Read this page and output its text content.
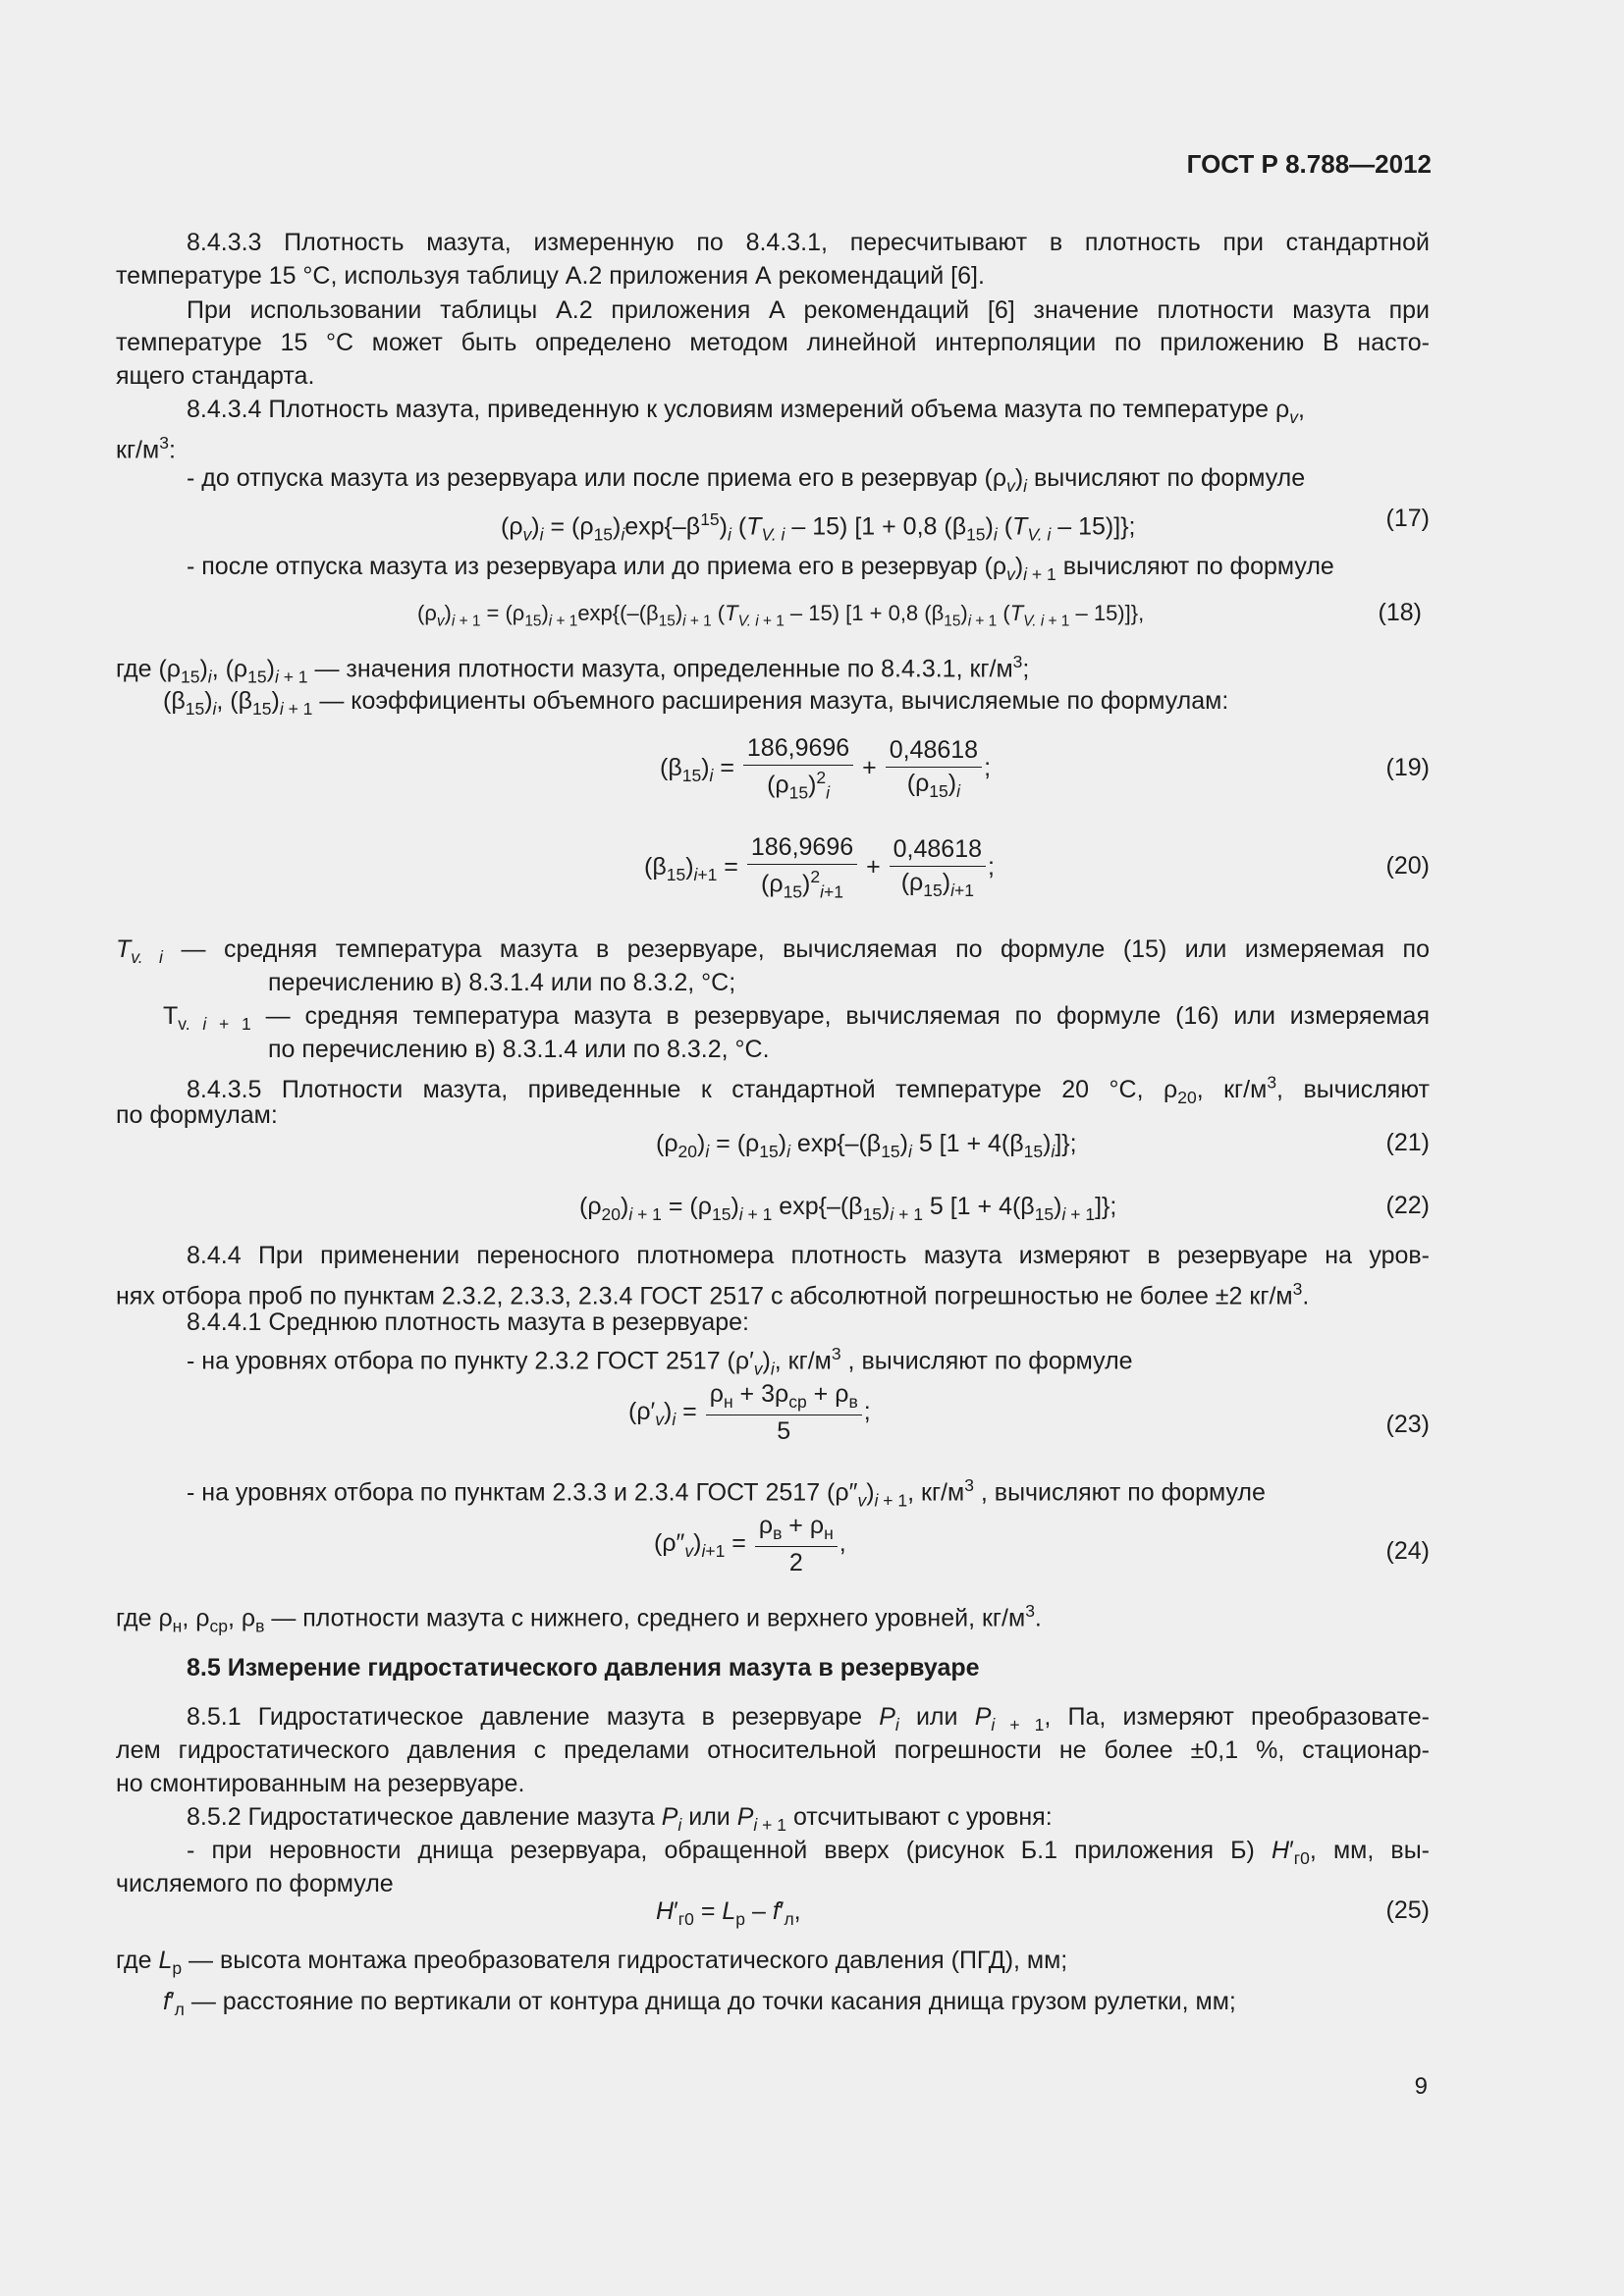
ГОСТ Р 8.788—2012
8.4.3.3 Плотность мазута, измеренную по 8.4.3.1, пересчитывают в плотность при стандартной
температуре 15 °С, используя таблицу А.2 приложения А рекомендаций [6].
При использовании таблицы А.2 приложения А рекомендаций [6] значение плотности мазута при
температуре 15 °С может быть определено методом линейной интерполяции по приложению В насто-
ящего стандарта.
8.4.3.4 Плотность мазута, приведенную к условиям измерений объема мазута по температуре $\rho_v$,
$кг/м^3$:
- до отпуска мазута из резервуара или после приема его в резервуар $(\rho_v)_i$ вычисляют по формуле
$(\rho_v)_i = (\rho_{15})_i\exp\{-\beta^{15})_i$ $(T_{V. i} - 15) [1 + 0,8$ $(\beta_{15})_i$ $(T_{V. i} - 15)$]};	(17)
- после отпуска мазута из резервуара или до приема его в резервуар $(\rho_v)_{i + 1}$ вычисляют по формуле
$(\rho_v)_{i + 1} = (\rho_{15})_{i + 1}\exp\{(-(\beta_{15})_{i + 1}$ $(T_{V. i + 1} - 15) [1 + 0,8$ $(\beta_{15})_{i + 1}$ $(T_{V. i + 1} - 15)$]},	(18)
где $(\rho_{15})_i$, $(\rho_{15})_{i + 1}$ — значения плотности мазута, определенные по 8.4.3.1, $кг/м^3$;
$(\beta_{15})_i$, $(\beta_{15})_{i + 1}$ — коэффициенты объемного расширения мазута, вычисляемые по формулам:
$(\beta_{15})_i = \frac{186,9696}{(\rho_{15})^2_i} + \frac{0,48618}{(\rho_{15})_i}$ ;	(19)
$(\beta_{15})_{i+1} = \frac{186,9696}{(\rho_{15})^2_{i+1}} + \frac{0,48618}{(\rho_{15})_{i+1}}$ ;	(20)
$T_{v. i}$ — средняя температура мазута в резервуаре, вычисляемая по формуле (15) или измеряемая по
перечислению в) 8.3.1.4 или по 8.3.2, °С;
$T_{v. i + 1}$ — средняя температура мазута в резервуаре, вычисляемая по формуле (16) или измеряемая
по перечислению в) 8.3.1.4 или по 8.3.2, °С.
8.4.3.5 Плотности мазута, приведенные к стандартной температуре 20 °С, $\rho_{20}$, $кг/м^3$, вычисляют
по формулам:
$(\rho_{20})_i = (\rho_{15})_i$ $\exp\{-(\beta_{15})_i$ 5 $[1 + 4(\beta_{15})_i]$};	(21)
$(\rho_{20})_{i + 1} = (\rho_{15})_{i + 1}$ $\exp\{-(\beta_{15})_{i + 1}$ 5 $[1 + 4(\beta_{15})_{i + 1}]$};	(22)
8.4.4 При применении переносного плотномера плотность мазута измеряют в резервуаре на уров-
нях отбора проб по пунктам 2.3.2, 2.3.3, 2.3.4 ГОСТ 2517 с абсолютной погрешностью не более ±2 $кг/м^3$.
8.4.4.1 Среднюю плотность мазута в резервуаре:
- на уровнях отбора по пункту 2.3.2 ГОСТ 2517 $(\rho'_v)_i$, $кг/м^3$ , вычисляют по формуле
$(\rho'_v)_i = \frac{\rho_н + 3\rho_{ср} + \rho_в}{5}$ ;	(23)
- на уровнях отбора по пунктам 2.3.3 и 2.3.4 ГОСТ 2517 $(\rho''_v)_{i + 1}$, $кг/м^3$ , вычисляют по формуле
$(\rho''_v)_{i+1} = \frac{\rho_в + \rho_н}{2}$ ,	(24)
где $\rho_н$, $\rho_{ср}$, $\rho_в$ — плотности мазута с нижнего, среднего и верхнего уровней, $кг/м^3$.
8.5 Измерение гидростатического давления мазута в резервуаре
8.5.1 Гидростатическое давление мазута в резервуаре $P_i$ или $P_{i + 1}$, Па, измеряют преобразовате-
лем гидростатического давления с пределами относительной погрешности не более ±0,1 %, стационар-
но смонтированным на резервуаре.
8.5.2 Гидростатическое давление мазута $P_i$ или $P_{i + 1}$ отсчитывают с уровня:
- при неровности днища резервуара, обращенной вверх (рисунок Б.1 приложения Б) $H'_{г0}$, мм, вы-
числяемого по формуле
$H'_{г0} = L_р - f'_л$,	(25)
где $L_р$ — высота монтажа преобразователя гидростатического давления (ПГД), мм;
$f'_л$ — расстояние по вертикали от контура днища до точки касания днища грузом рулетки, мм;
9
